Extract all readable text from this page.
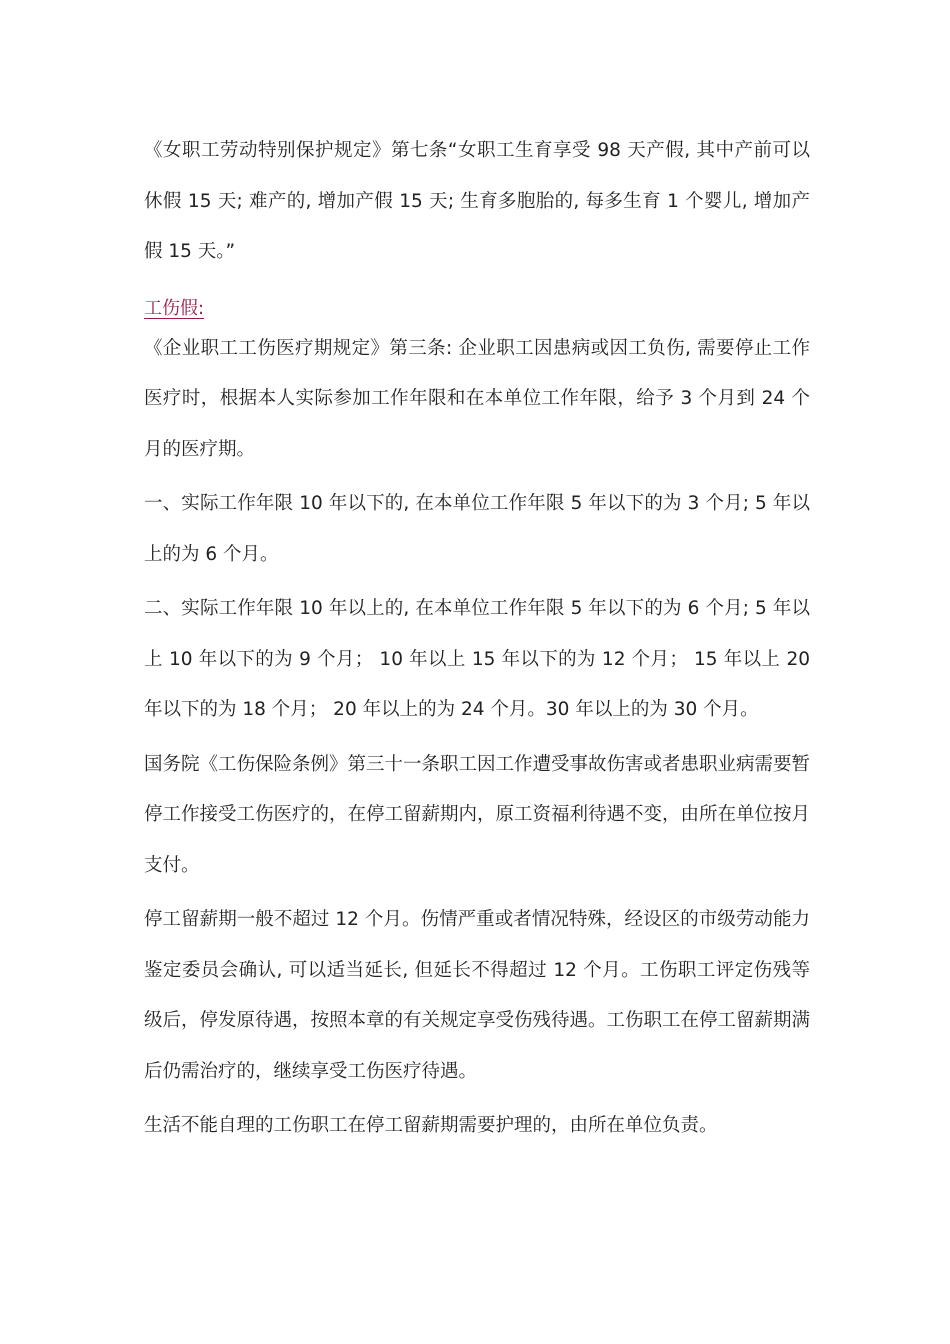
《女职工劳动特别保护规定》第七条“女职工生育享受 98 天产假, 其中产前可以休假 15 天; 难产的, 增加产假 15 天; 生育多胞胎的, 每多生育 1 个婴儿, 增加产假 15 天。”

工伤假:

《企业职工工伤医疗期规定》第三条: 企业职工因患病或因工负伤, 需要停止工作医疗时，根据本人实际参加工作年限和在本单位工作年限，给予 3 个月到 24 个月的医疗期。

一、实际工作年限 10 年以下的, 在本单位工作年限 5 年以下的为 3 个月; 5 年以上的为 6 个月。

二、实际工作年限 10 年以上的, 在本单位工作年限 5 年以下的为 6 个月; 5 年以上 10 年以下的为 9 个月； 10 年以上 15 年以下的为 12 个月； 15 年以上 20 年以下的为 18 个月； 20 年以上的为 24 个月。30 年以上的为 30 个月。

国务院《工伤保险条例》第三十一条职工因工作遭受事故伤害或者患职业病需要暂停工作接受工伤医疗的，在停工留薪期内，原工资福利待遇不变，由所在单位按月支付。

停工留薪期一般不超过 12 个月。伤情严重或者情况特殊，经设区的市级劳动能力鉴定委员会确认, 可以适当延长, 但延长不得超过 12 个月。工伤职工评定伤残等级后，停发原待遇，按照本章的有关规定享受伤残待遇。工伤职工在停工留薪期满后仍需治疗的，继续享受工伤医疗待遇。

生活不能自理的工伤职工在停工留薪期需要护理的，由所在单位负责。
